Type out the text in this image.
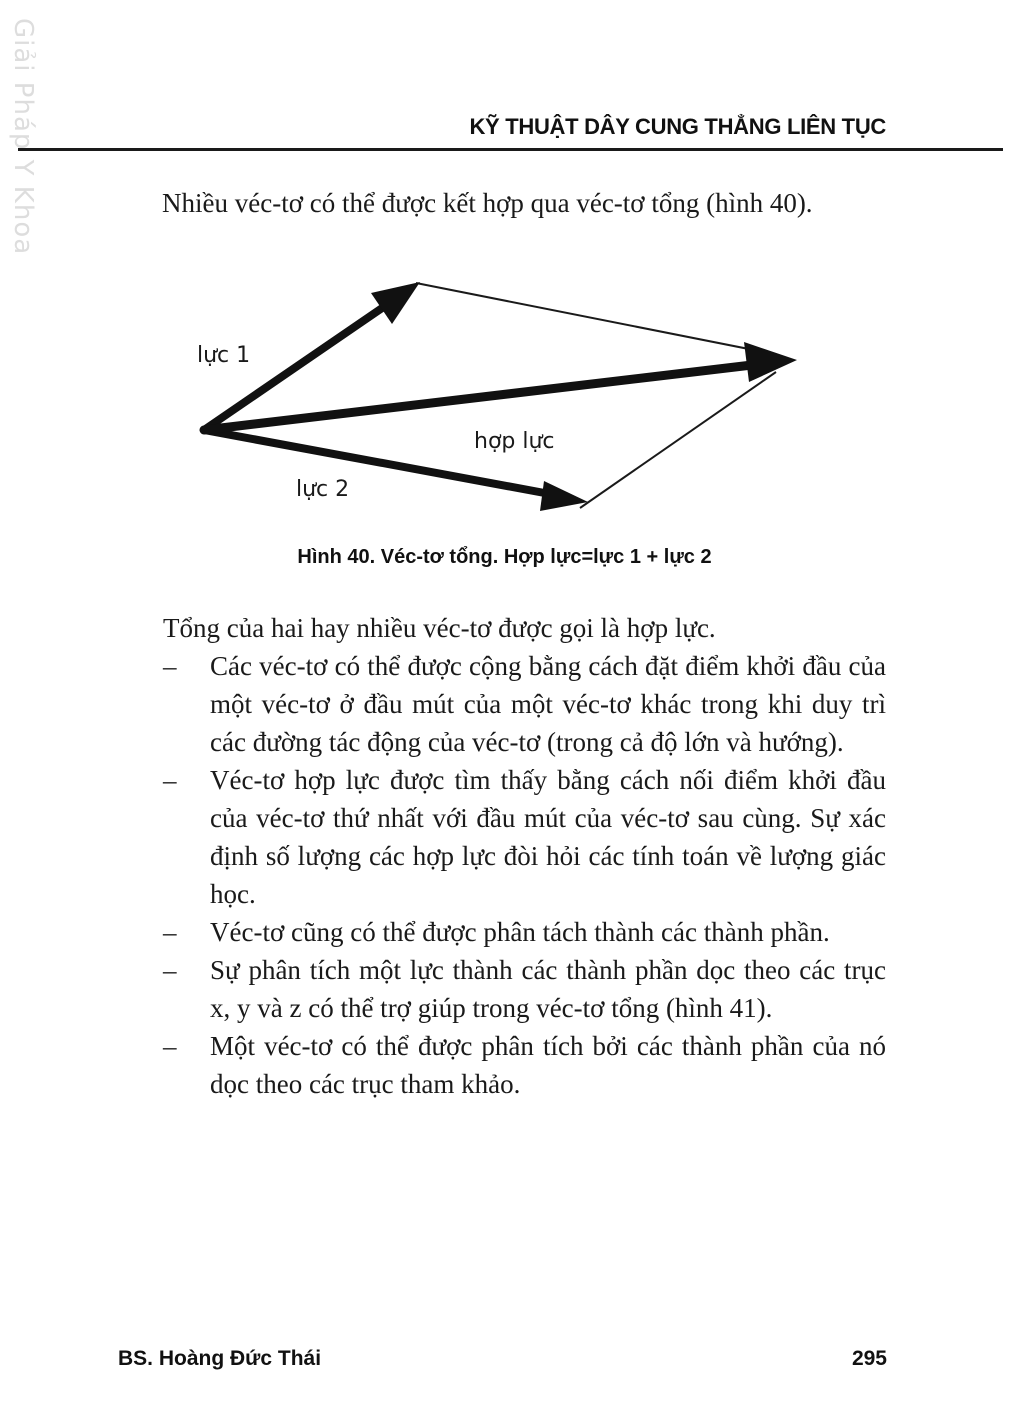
Giải Pháp Y Khoa	KỸ THUẬT DÂY CUNG THẲNG LIÊN TỤC

Nhiều véc-tơ có thể được kết hợp qua véc-tơ tổng (hình 40).

lực 1
hợp lực
lực 2
Hình 40. Véc-tơ tổng. Hợp lực=lực 1 + lực 2

Tổng của hai hay nhiều véc-tơ được gọi là hợp lực.

– Các véc-tơ có thể được cộng bằng cách đặt điểm khởi đầu của một véc-tơ ở đầu mút của một véc-tơ khác trong khi duy trì các đường tác động của véc-tơ (trong cả độ lớn và hướng).
– Véc-tơ hợp lực được tìm thấy bằng cách nối điểm khởi đầu của véc-tơ thứ nhất với đầu mút của véc-tơ sau cùng. Sự xác định số lượng các hợp lực đòi hỏi các tính toán về lượng giác học.
– Véc-tơ cũng có thể được phân tách thành các thành phần.
– Sự phân tích một lực thành các thành phần dọc theo các trục x, y và z có thể trợ giúp trong véc-tơ tổng (hình 41).
– Một véc-tơ có thể được phân tích bởi các thành phần của nó dọc theo các trục tham khảo.
BS. Hoàng Đức Thái	295
